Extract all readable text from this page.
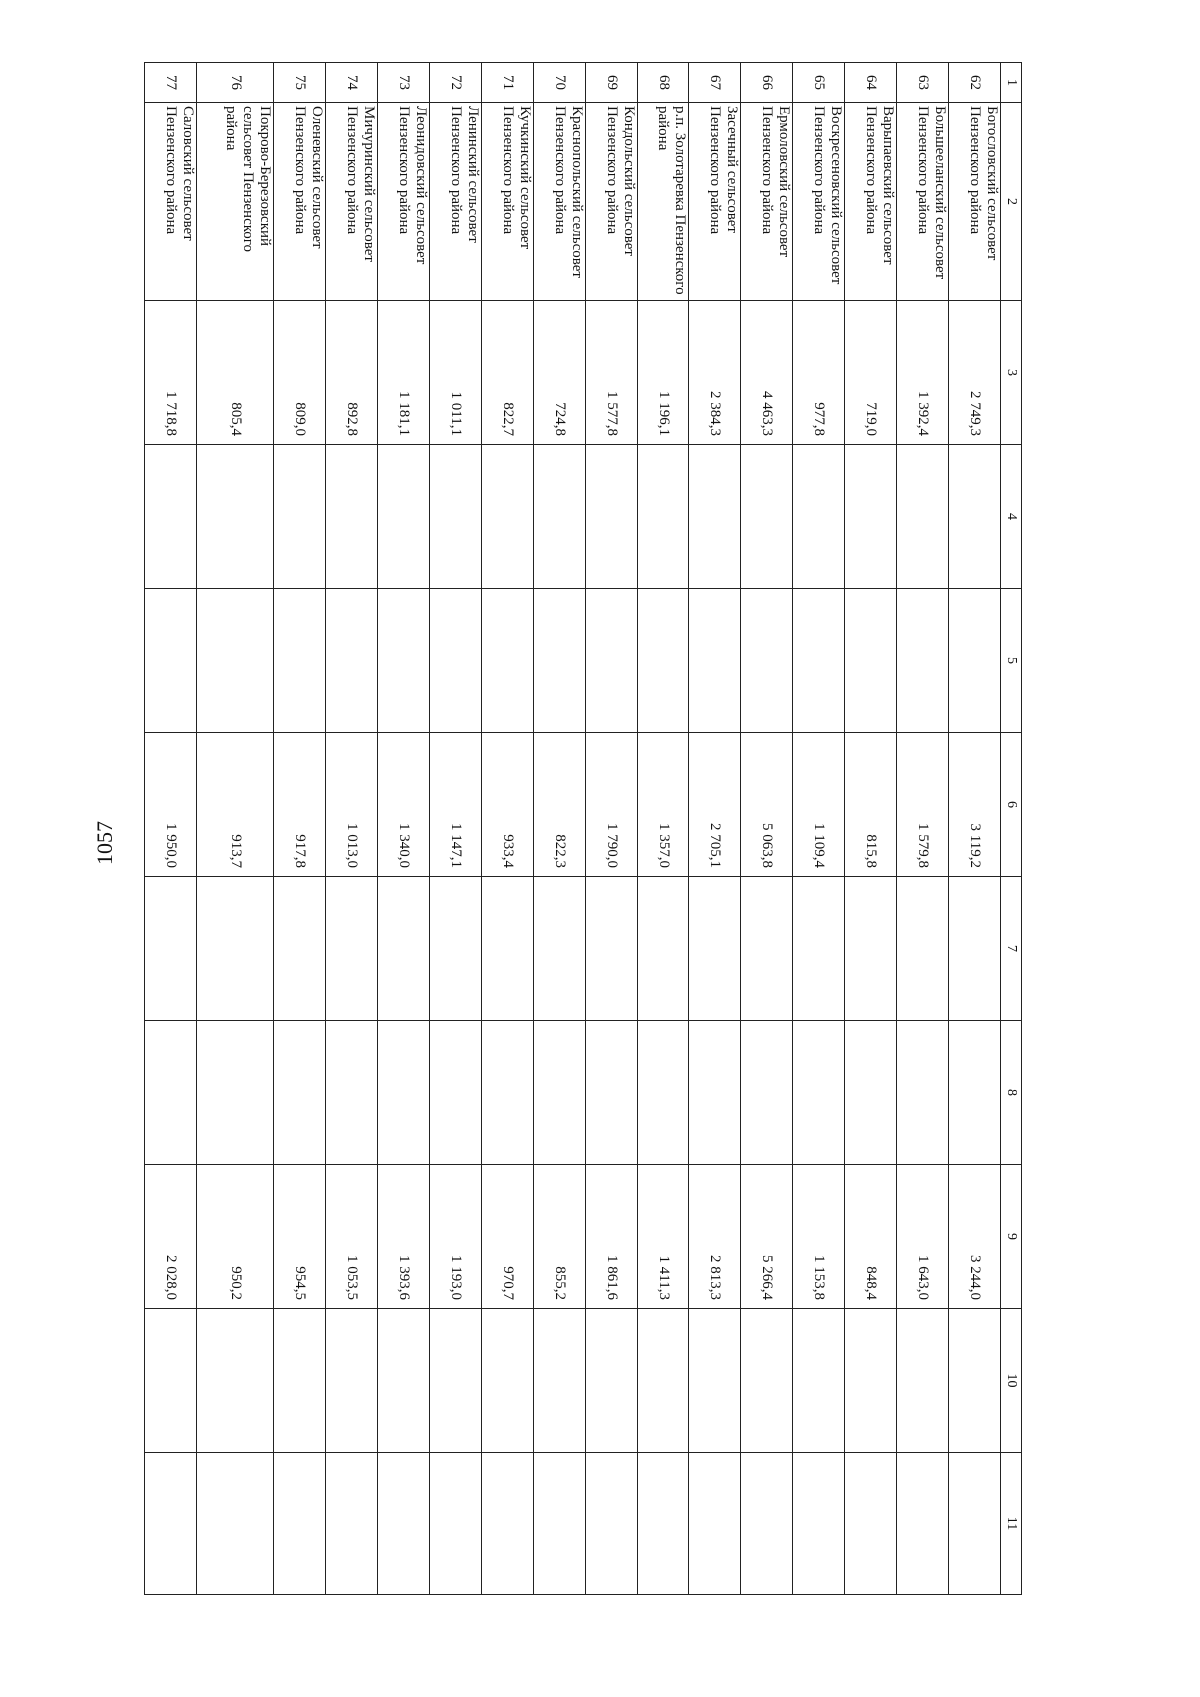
1057
1	2	3	4	5	6	7	8	9	10	11
62	Богословский сельсовет Пензенского района	2 749,3			3 119,2			3 244,0		
63	Большееланский сельсовет Пензенского района	1 392,4			1 579,8			1 643,0		
64	Варыпаевский сельсовет Пензенского района	719,0			815,8			848,4		
65	Воскресеновский сельсовет Пензенского района	977,8			1 109,4			1 153,8		
66	Ермоловский сельсовет Пензенского района	4 463,3			5 063,8			5 266,4		
67	Засечный сельсовет Пензенского района	2 384,3			2 705,1			2 813,3		
68	р.п. Золотаревка Пензенского района	1 196,1			1 357,0			1 411,3		
69	Кондольский сельсовет Пензенского района	1 577,8			1 790,0			1 861,6		
70	Краснопольский сельсовет Пензенского района	724,8			822,3			855,2		
71	Кучкинский сельсовет Пензенского района	822,7			933,4			970,7		
72	Ленинский сельсовет Пензенского района	1 011,1			1 147,1			1 193,0		
73	Леонидовский сельсовет Пензенского района	1 181,1			1 340,0			1 393,6		
74	Мичуринский сельсовет Пензенского района	892,8			1 013,0			1 053,5		
75	Оленевский сельсовет Пензенского района	809,0			917,8			954,5		
76	Покрово-Березовский сельсовет Пензенского района	805,4			913,7			950,2		
77	Саловский сельсовет Пензенского района	1 718,8			1 950,0			2 028,0		
